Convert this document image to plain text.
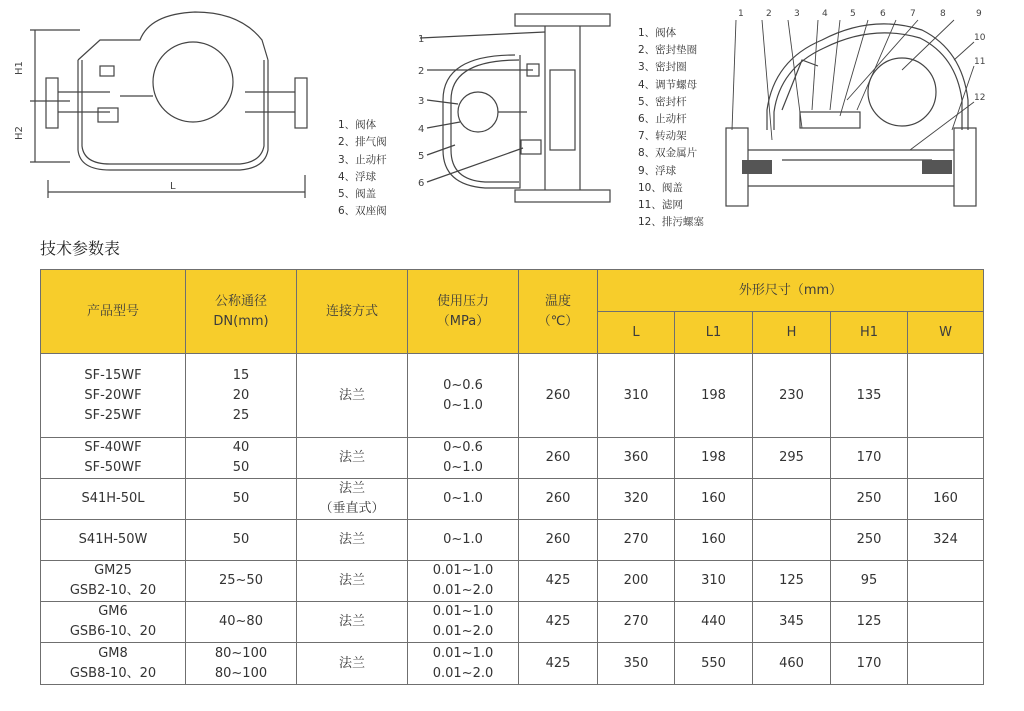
H1
H2
L
1、阀体
2、排气阀
3、止动杆
4、浮球
5、阀盖
6、双座阀
1
2
3
4
5
6
1、阀体
2、密封垫圈
3、密封圈
4、调节螺母
5、密封杆
6、止动杆
7、转动架
8、双金属片
9、浮球
10、阀盖
11、滤网
12、排污螺塞
1 2 3 4 5	6	7	8	9
10
11
12
技术参数表
产品型号	公称通径
DN(mm)	连接方式	使用压力
（MPa）	温度
（℃）	外形尺寸（mm）				
					L	L1	H	H1	W

SF-15WF
SF-20WF
SF-25WF	15
20
25	法兰	0~0.6
0~1.0	260	310	198	230	135	

SF-40WF
SF-50WF	40
50	法兰	0~0.6
0~1.0	260	360	198	295	170	

S41H-50L	50	法兰
（垂直式）	0~1.0	260	320	160		250	160

S41H-50W	50	法兰	0~1.0	260	270	160		250	324

GM25
GSB2-10、20	25~50	法兰	0.01~1.0
0.01~2.0	425	200	310	125	95	

GM6
GSB6-10、20	40~80	法兰	0.01~1.0
0.01~2.0	425	270	440	345	125	

GM8
GSB8-10、20	80~100
80~100	法兰	0.01~1.0
0.01~2.0	425	350	550	460	170	
